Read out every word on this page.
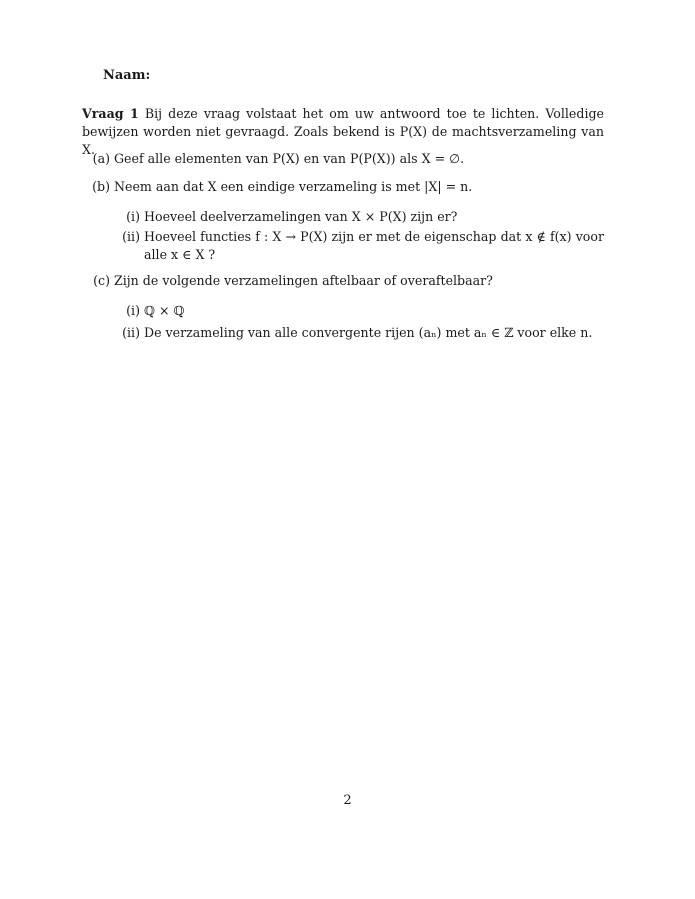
Naam:
Vraag 1 Bij deze vraag volstaat het om uw antwoord toe te lichten. Volledige bewijzen worden niet gevraagd. Zoals bekend is P(X) de machtsverzameling van X.
(a) Geef alle elementen van P(X) en van P(P(X)) als X = ∅.
(b) Neem aan dat X een eindige verzameling is met |X| = n.
(i) Hoeveel deelverzamelingen van X × P(X) zijn er?
(ii) Hoeveel functies f : X → P(X) zijn er met de eigenschap dat x ∉ f(x) voor alle x ∈ X ?
(c) Zijn de volgende verzamelingen aftelbaar of overaftelbaar?
(i) ℚ × ℚ
(ii) De verzameling van alle convergente rijen (aₙ) met aₙ ∈ ℤ voor elke n.
2
